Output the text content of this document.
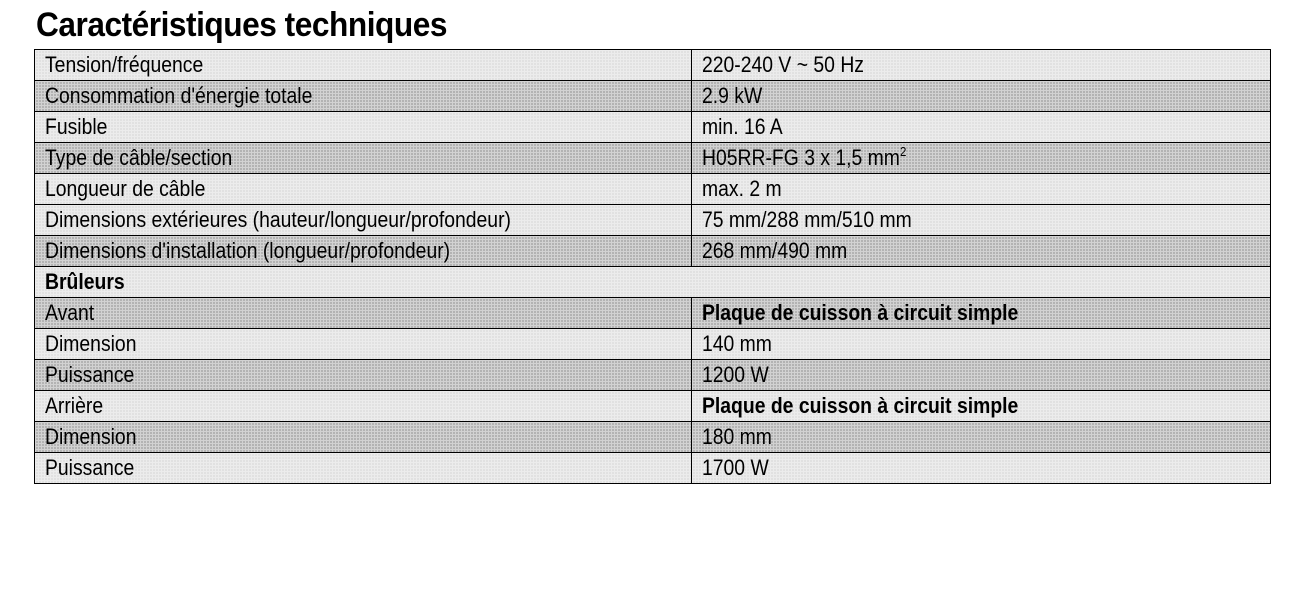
Caractéristiques techniques
Tension/fréquence	220-240 V ~ 50 Hz
Consommation d'énergie totale	2.9 kW
Fusible	min. 16 A
Type de câble/section	H05RR-FG 3 x 1,5 $mm^2$
Longueur de câble	max. 2 m
Dimensions extérieures (hauteur/longueur/profondeur)	75 mm/288 mm/510 mm
Dimensions d'installation (longueur/profondeur)	268 mm/490 mm
Brûleurs	
Avant	Plaque de cuisson à circuit simple
Dimension	140 mm
Puissance	1200 W
Arrière	Plaque de cuisson à circuit simple
Dimension	180 mm
Puissance	1700 W
